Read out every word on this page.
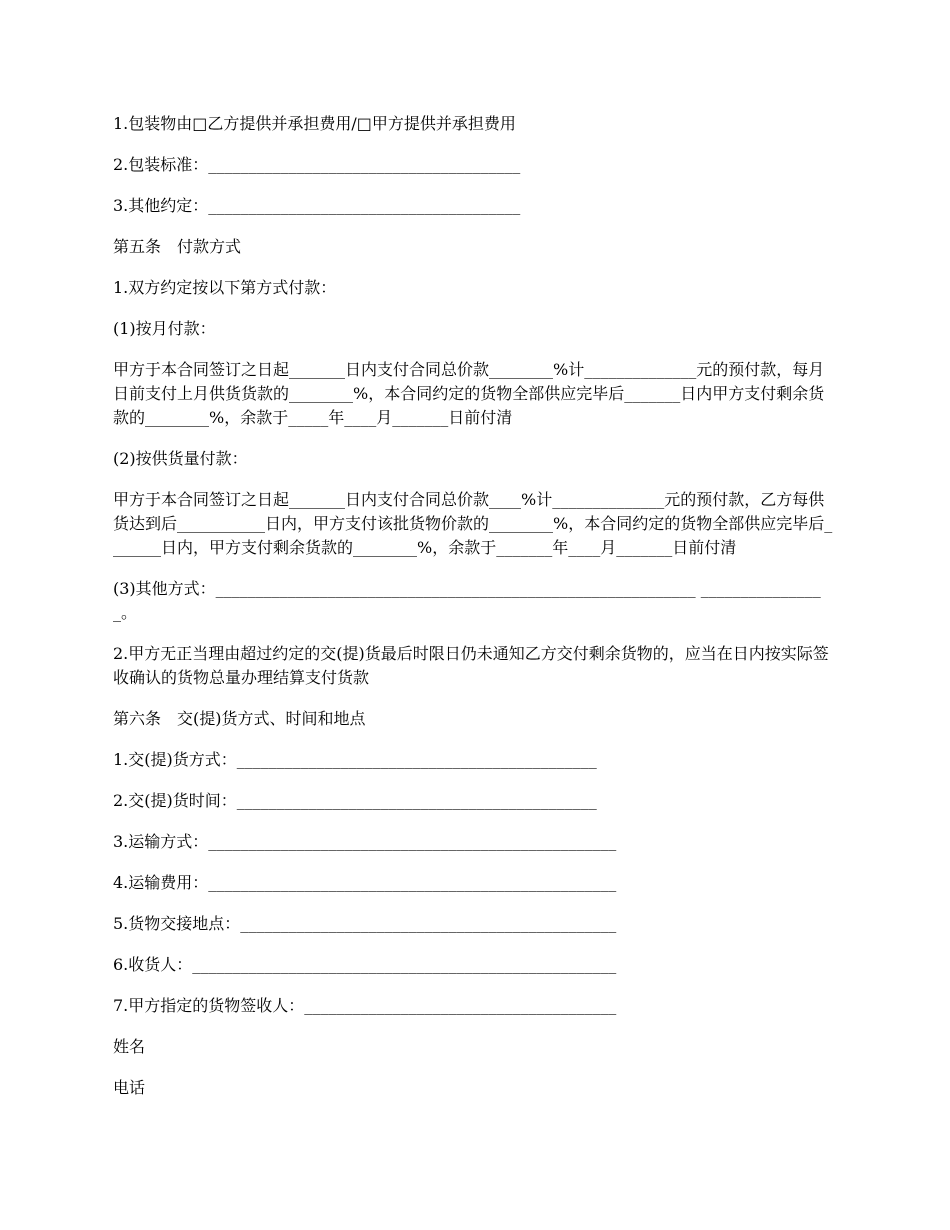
1.包装物由□乙方提供并承担费用/□甲方提供并承担费用

2.包装标准：_______________________________________

3.其他约定：_______________________________________

第五条　付款方式

1.双方约定按以下第方式付款：

(1)按月付款：

甲方于本合同签订之日起_______日内支付合同总价款________%计______________元的预付款，每月日前支付上月供货货款的________%，本合同约定的货物全部供应完毕后_______日内甲方支付剩余货款的________%，余款于_____年____月_______日前付清

(2)按供货量付款：

甲方于本合同签订之日起_______日内支付合同总价款____%计______________元的预付款，乙方每供货达到后___________日内，甲方支付该批货物价款的________%，本合同约定的货物全部供应完毕后_______日内，甲方支付剩余货款的________%，余款于_______年____月_______日前付清

(3)其他方式：____________________________________________________________ ________________。

2.甲方无正当理由超过约定的交(提)货最后时限日仍未通知乙方交付剩余货物的，应当在日内按实际签收确认的货物总量办理结算支付货款

第六条　交(提)货方式、时间和地点

1.交(提)货方式：_____________________________________________

2.交(提)货时间：_____________________________________________

3.运输方式：___________________________________________________

4.运输费用：___________________________________________________

5.货物交接地点：_______________________________________________

6.收货人：_____________________________________________________

7.甲方指定的货物签收人：_______________________________________

姓名

电话
